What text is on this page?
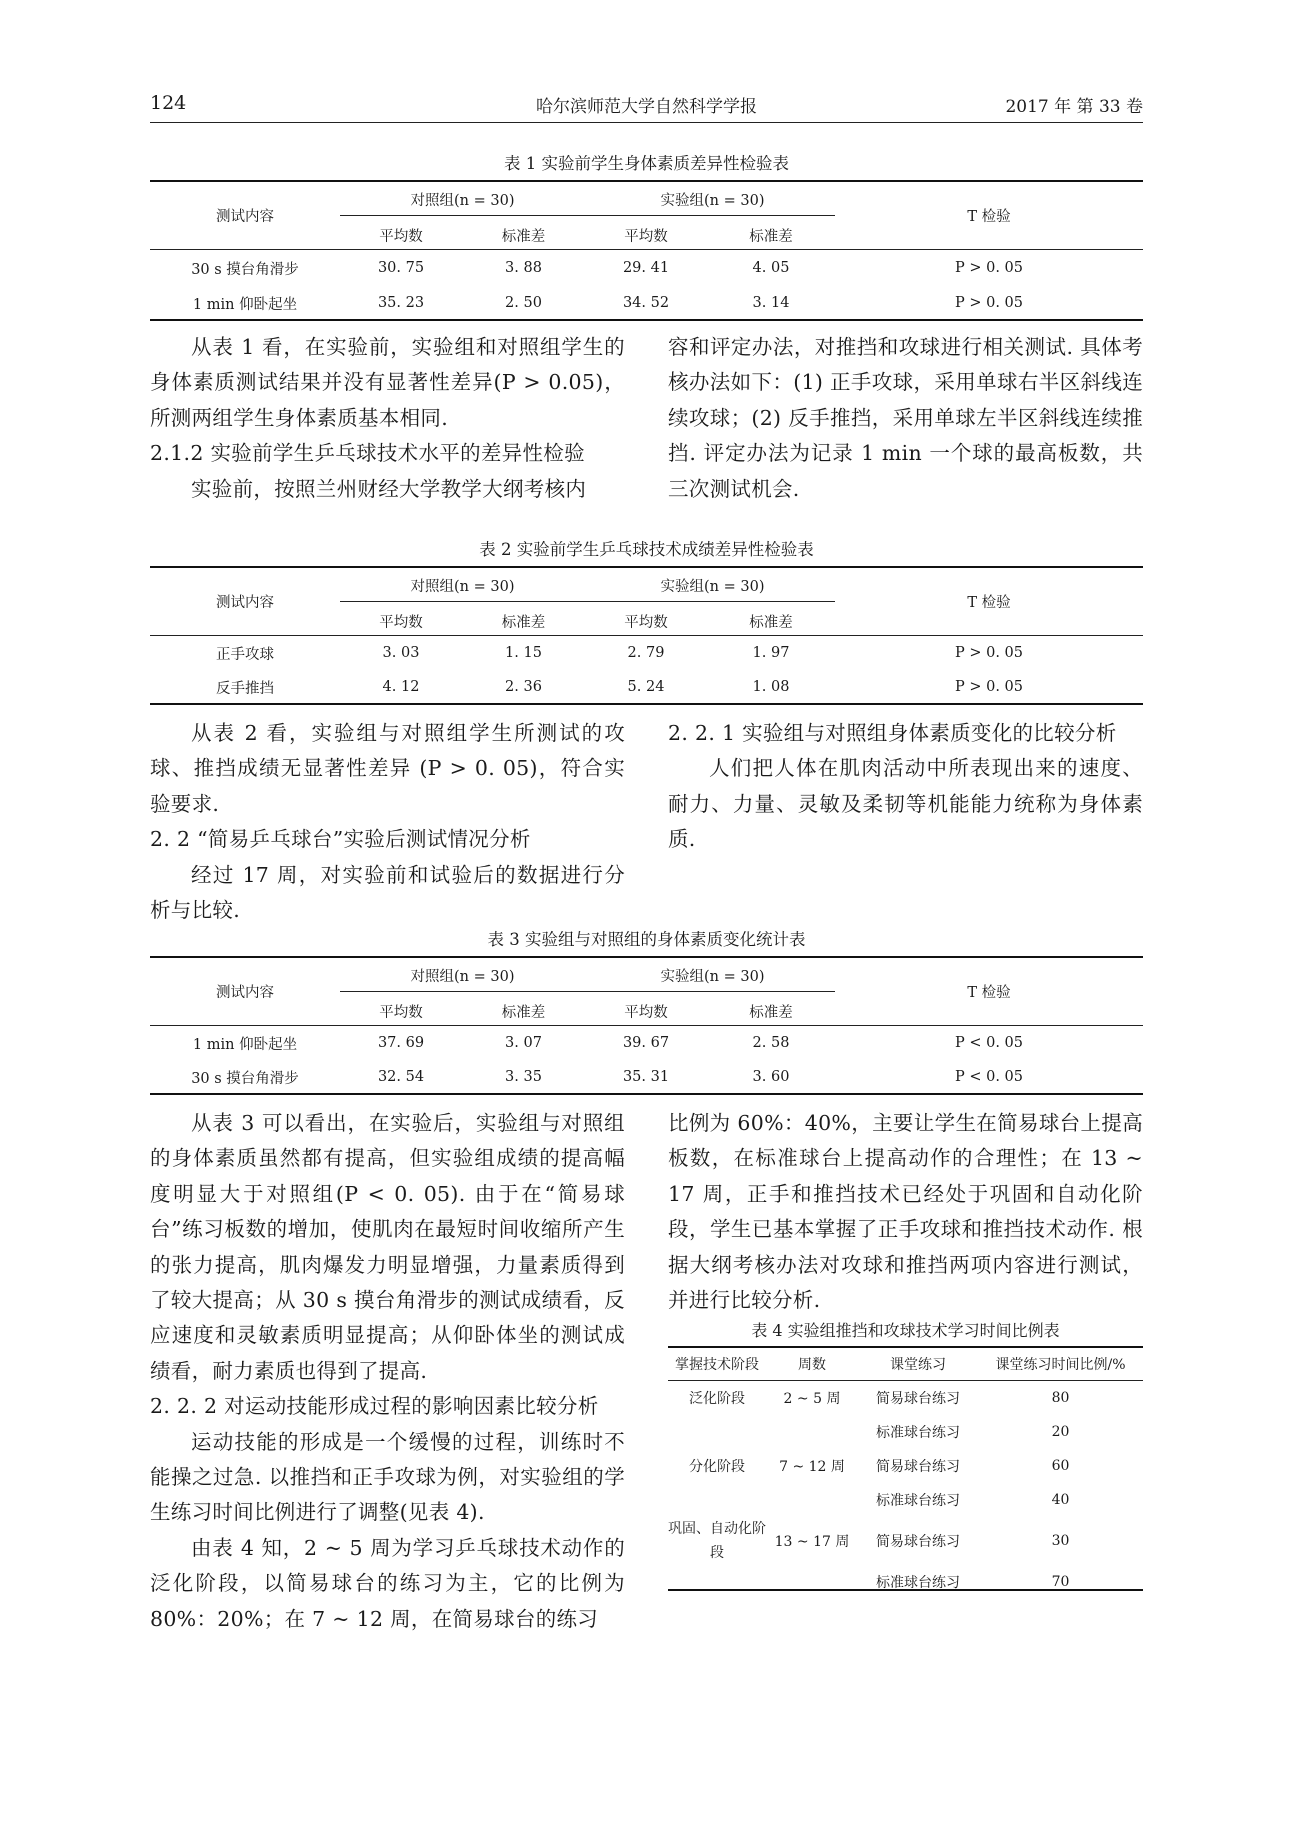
124	哈尔滨师范大学自然科学学报	2017 年 第 33 卷
表 1 实验前学生身体素质差异性检验表
测试内容
对照组(n = 30)	实验组(n = 30)
T 检验
	平均数	标准差	平均数	标准差	
30 s 摸台角滑步	30. 75	3. 88	29. 41	4. 05	P > 0. 05
1 min 仰卧起坐	35. 23	2. 50	34. 52	3. 14	P > 0. 05

从表 1 看，在实验前，实验组和对照组学生的身体素质测试结果并没有显著性差异(P > 0.05)，所测两组学生身体素质基本相同.

2.1.2 实验前学生乒乓球技术水平的差异性检验

实验前，按照兰州财经大学教学大纲考核内

容和评定办法，对推挡和攻球进行相关测试. 具体考核办法如下：(1) 正手攻球，采用单球右半区斜线连续攻球；(2) 反手推挡，采用单球左半区斜线连续推挡. 评定办法为记录 1 min 一个球的最高板数，共三次测试机会.

表 2 实验前学生乒乓球技术成绩差异性检验表
测试内容
对照组(n = 30)	实验组(n = 30)
T 检验
	平均数	标准差	平均数	标准差	
正手攻球	3. 03	1. 15	2. 79	1. 97	P > 0. 05
反手推挡	4. 12	2. 36	5. 24	1. 08	P > 0. 05

从表 2 看，实验组与对照组学生所测试的攻球、推挡成绩无显著性差异 (P > 0. 05)，符合实验要求.

2. 2 “简易乒乓球台”实验后测试情况分析

经过 17 周，对实验前和试验后的数据进行分析与比较.

2. 2. 1 实验组与对照组身体素质变化的比较分析

人们把人体在肌肉活动中所表现出来的速度、耐力、力量、灵敏及柔韧等机能能力统称为身体素质.

表 3 实验组与对照组的身体素质变化统计表
测试内容
对照组(n = 30)	实验组(n = 30)
T 检验
	平均数	标准差	平均数	标准差	
1 min 仰卧起坐	37. 69	3. 07	39. 67	2. 58	P < 0. 05
30 s 摸台角滑步	32. 54	3. 35	35. 31	3. 60	P < 0. 05

从表 3 可以看出，在实验后，实验组与对照组的身体素质虽然都有提高，但实验组成绩的提高幅度明显大于对照组(P < 0. 05). 由于在“简易球台”练习板数的增加，使肌肉在最短时间收缩所产生的张力提高，肌肉爆发力明显增强，力量素质得到了较大提高；从 30 s 摸台角滑步的测试成绩看，反应速度和灵敏素质明显提高；从仰卧体坐的测试成绩看，耐力素质也得到了提高.

2. 2. 2 对运动技能形成过程的影响因素比较分析

运动技能的形成是一个缓慢的过程，训练时不能操之过急. 以推挡和正手攻球为例，对实验组的学生练习时间比例进行了调整(见表 4).

由表 4 知，2 ~ 5 周为学习乒乓球技术动作的泛化阶段，以简易球台的练习为主，它的比例为 80%：20%；在 7 ~ 12 周，在简易球台的练习

比例为 60%：40%，主要让学生在简易球台上提高板数，在标准球台上提高动作的合理性；在 13 ~ 17 周，正手和推挡技术已经处于巩固和自动化阶段，学生已基本掌握了正手攻球和推挡技术动作. 根据大纲考核办法对攻球和推挡两项内容进行测试，并进行比较分析.

表 4 实验组推挡和攻球技术学习时间比例表
掌握技术阶段	周数	课堂练习	课堂练习时间比例/%
泛化阶段	2 ~ 5 周	简易球台练习	80
		标准球台练习	20
分化阶段	7 ~ 12 周	简易球台练习	60
		标准球台练习	40
巩固、自动化阶段	13 ~ 17 周	简易球台练习	30
		标准球台练习	70
